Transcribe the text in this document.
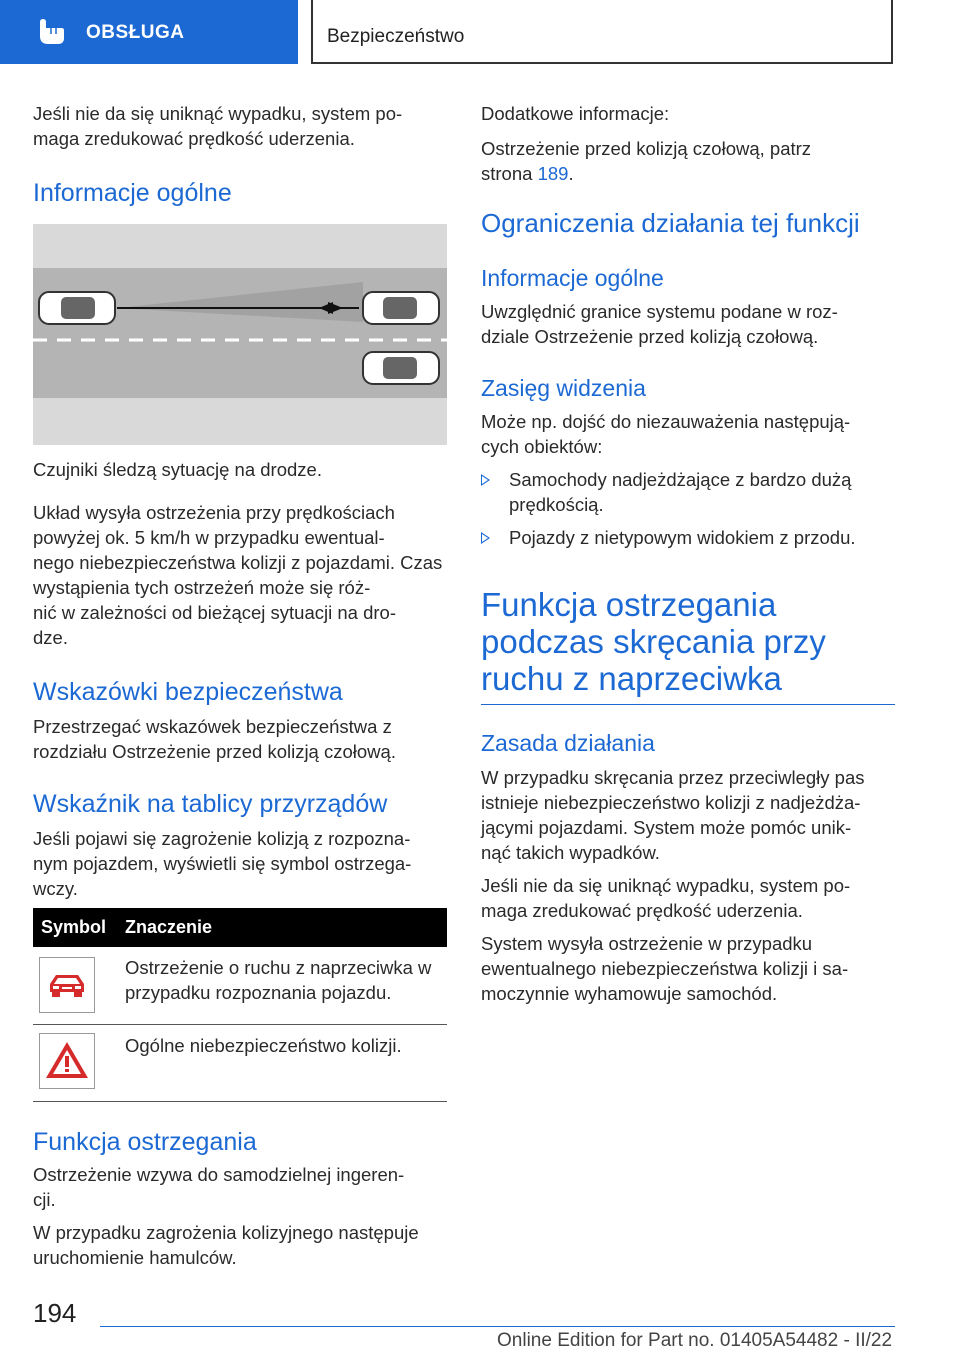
OBSŁUGA	Bezpieczeństwo

Jeśli nie da się uniknąć wypadku, system po-
maga zredukować prędkość uderzenia.

Informacje ogólne

Czujniki śledzą sytuację na drodze.

Układ wysyła ostrzeżenia przy prędkościach powyżej ok. 5 km/h w przypadku ewentual-
nego niebezpieczeństwa kolizji z pojazdami. Czas wystąpienia tych ostrzeżeń może się róż-
nić w zależności od bieżącej sytuacji na dro-
dze.

Wskazówki bezpieczeństwa

Przestrzegać wskazówek bezpieczeństwa z rozdziału Ostrzeżenie przed kolizją czołową.

Wskaźnik na tablicy przyrządów

Jeśli pojawi się zagrożenie kolizją z rozpozna-
nym pojazdem, wyświetli się symbol ostrzega-
wczy.

Symbol Znaczenie

Ostrzeżenie o ruchu z naprzeciwka w przypadku rozpoznania pojazdu.

Ogólne niebezpieczeństwo kolizji.

Funkcja ostrzegania

Ostrzeżenie wzywa do samodzielnej ingeren-
cji.

W przypadku zagrożenia kolizyjnego następuje uruchomienie hamulców.

Dodatkowe informacje:

Ostrzeżenie przed kolizją czołową, patrz strona 189.

Ograniczenia działania tej funkcji
Informacje ogólne

Uwzględnić granice systemu podane w roz-
dziale Ostrzeżenie przed kolizją czołową.

Zasięg widzenia

Może np. dojść do niezauważenia następują-
cych obiektów:

Samochody nadjeżdżające z bardzo dużą prędkością.

Pojazdy z nietypowym widokiem z przodu.

Funkcja ostrzegania podczas skręcania przy ruchu z naprzeciwka
Zasada działania

W przypadku skręcania przez przeciwległy pas istnieje niebezpieczeństwo kolizji z nadjeżdża-
jącymi pojazdami. System może pomóc unik-
nąć takich wypadków.

Jeśli nie da się uniknąć wypadku, system po-
maga zredukować prędkość uderzenia.

System wysyła ostrzeżenie w przypadku ewentualnego niebezpieczeństwa kolizji i sa-
moczynnie wyhamowuje samochód.

194
Online Edition for Part no. 01405A54482 - II/22
